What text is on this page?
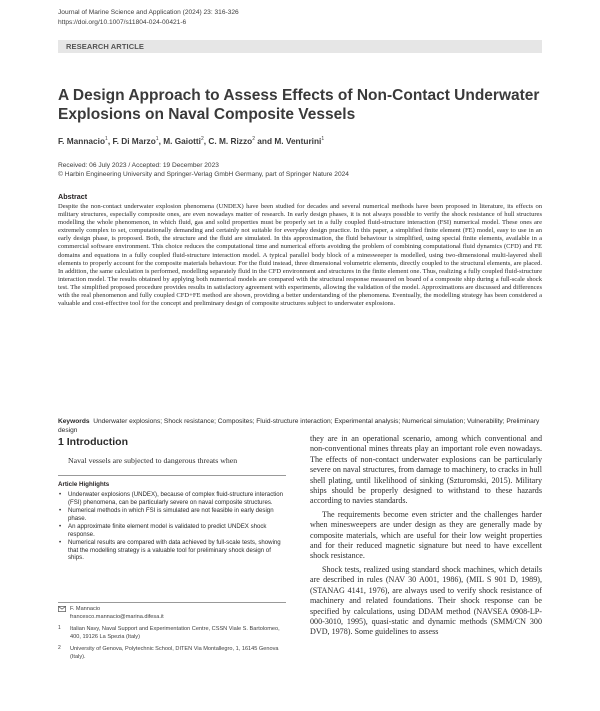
Journal of Marine Science and Application (2024) 23: 316-326
https://doi.org/10.1007/s11804-024-00421-6
RESEARCH ARTICLE
A Design Approach to Assess Effects of Non-Contact Underwater Explosions on Naval Composite Vessels
F. Mannacio$^1$, F. Di Marzo$^1$, M. Gaiotti$^2$, C. M. Rizzo$^2$ and M. Venturini$^1$
Received: 06 July 2023 / Accepted: 19 December 2023
© Harbin Engineering University and Springer-Verlag GmbH Germany, part of Springer Nature 2024
Abstract
Despite the non-contact underwater explosion phenomena (UNDEX) have been studied for decades and several numerical methods have been proposed in literature, its effects on military structures, especially composite ones, are even nowadays matter of research. In early design phases, it is not always possible to verify the shock resistance of hull structures modelling the whole phenomenon, in which fluid, gas and solid properties must be properly set in a fully coupled fluid-structure interaction (FSI) numerical model. These ones are extremely complex to set, computationally demanding and certainly not suitable for everyday design practice. In this paper, a simplified finite element (FE) model, easy to use in an early design phase, is proposed. Both, the structure and the fluid are simulated. In this approximation, the fluid behaviour is simplified, using special finite elements, available in a commercial software environment. This choice reduces the computational time and numerical efforts avoiding the problem of combining computational fluid dynamics (CFD) and FE domains and equations in a fully coupled fluid-structure interaction model. A typical parallel body block of a minesweeper is modelled, using two-dimensional multi-layered shell elements to properly account for the composite materials behaviour. For the fluid instead, three dimensional volumetric elements, directly coupled to the structural elements, are placed. In addition, the same calculation is performed, modelling separately fluid in the CFD environment and structures in the finite element one. Thus, realizing a fully coupled fluid-structure interaction model. The results obtained by applying both numerical models are compared with the structural response measured on board of a composite ship during a full-scale shock test. The simplified proposed procedure provides results in satisfactory agreement with experiments, allowing the validation of the model. Approximations are discussed and differences with the real phenomenon and fully coupled CFD+FE method are shown, providing a better understanding of the phenomena. Eventually, the modelling strategy has been considered a valuable and cost-effective tool for the concept and preliminary design of composite structures subject to underwater explosions.
Keywords Underwater explosions; Shock resistance; Composites; Fluid-structure interaction; Experimental analysis; Numerical simulation; Vulnerability; Preliminary design
1 Introduction
Naval vessels are subjected to dangerous threats when
Article Highlights
• Underwater explosions (UNDEX), because of complex fluid-structure interaction (FSI) phenomena, can be particularly severe on naval composite structures.
• Numerical methods in which FSI is simulated are not feasible in early design phase.
• An approximate finite element model is validated to predict UNDEX shock response.
• Numerical results are compared with data achieved by full-scale tests, showing that the modelling strategy is a valuable tool for preliminary shock design of ships.
F. Mannacio
francesco.mannacio@marina.difesa.it
1 Italian Navy, Naval Support and Experimentation Centre, CSSN Viale S. Bartolomeo, 400, 19126 La Spezia (Italy)
2 University of Genova, Polytechnic School, DITEN Via Montallegro, 1, 16145 Genova (Italy).

they are in an operational scenario, among which conventional and non-conventional mines threats play an important role even nowadays. The effects of non-contact underwater explosions can be particularly severe on naval structures, from damage to machinery, to cracks in hull shell plating, until likelihood of sinking (Szturomski, 2015). Military ships should be properly designed to withstand to these hazards according to navies standards.

The requirements become even stricter and the challenges harder when minesweepers are under design as they are generally made by composite materials, which are useful for their low weight properties and for their reduced magnetic signature but need to have excellent shock resistance.

Shock tests, realized using standard shock machines, which details are described in rules (NAV 30 A001, 1986), (MIL S 901 D, 1989), (STANAG 4141, 1976), are always used to verify shock resistance of machinery and related foundations. Their shock response can be specified by calculations, using DDAM method (NAVSEA 0908-LP-000-3010, 1995), quasi-static and dynamic methods (SMM/CN 300 DVD, 1978). Some guidelines to assess
